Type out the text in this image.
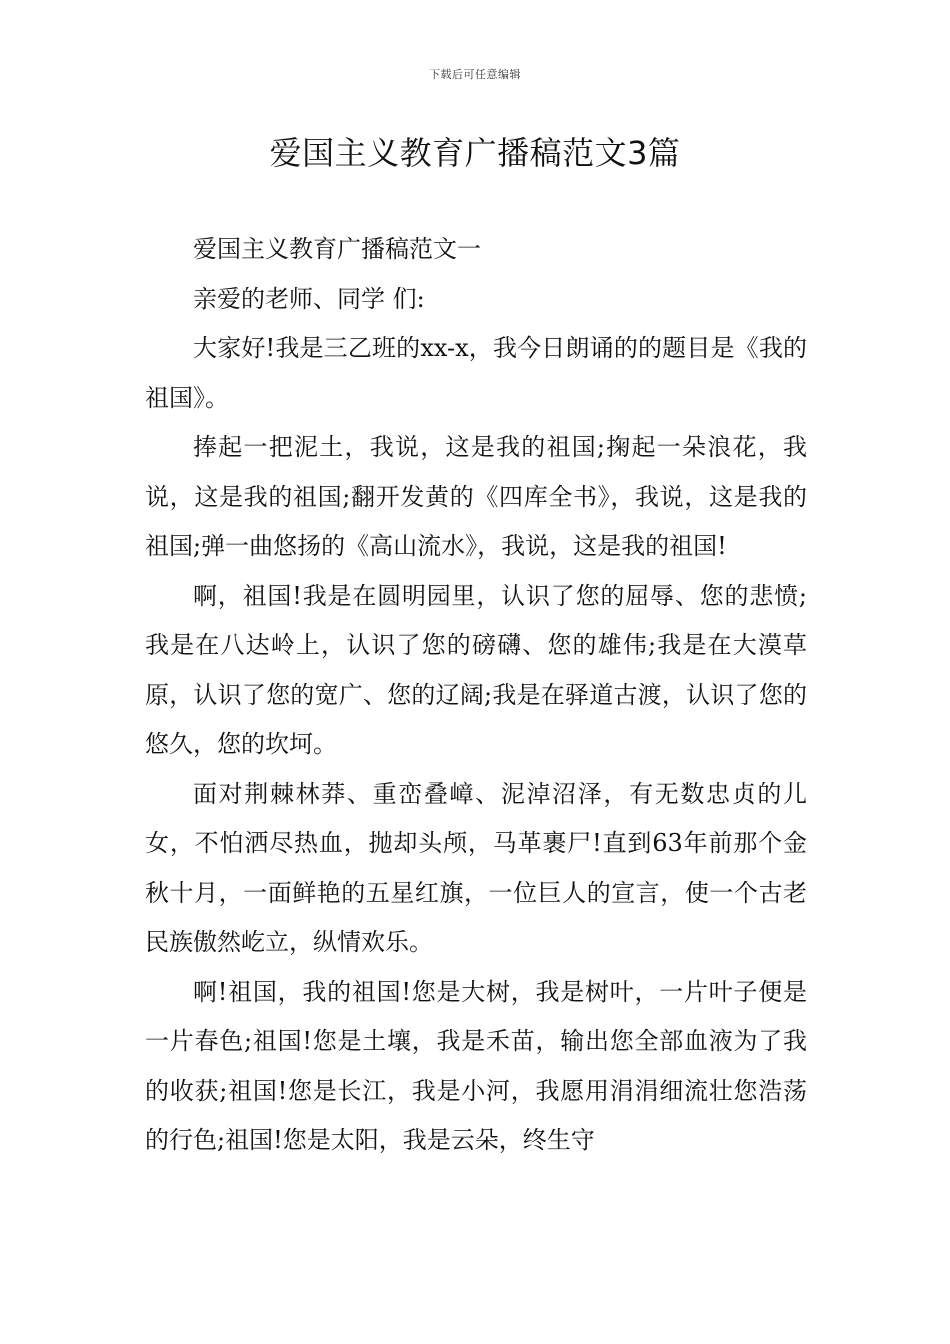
下载后可任意编辑
爱国主义教育广播稿范文3篇

爱国主义教育广播稿范文一

亲爱的老师、同学 们:

大家好!我是三乙班的xx-x，我今日朗诵的的题目是《我的祖国》。

捧起一把泥土，我说，这是我的祖国;掬起一朵浪花，我说，这是我的祖国;翻开发黄的《四库全书》，我说，这是我的祖国;弹一曲悠扬的《高山流水》，我说，这是我的祖国!

啊，祖国!我是在圆明园里，认识了您的屈辱、您的悲愤;我是在八达岭上，认识了您的磅礴、您的雄伟;我是在大漠草原，认识了您的宽广、您的辽阔;我是在驿道古渡，认识了您的悠久，您的坎坷。

面对荆棘林莽、重峦叠嶂、泥淖沼泽，有无数忠贞的儿女，不怕洒尽热血，抛却头颅，马革裹尸!直到63年前那个金秋十月，一面鲜艳的五星红旗，一位巨人的宣言，使一个古老民族傲然屹立，纵情欢乐。

啊!祖国，我的祖国!您是大树，我是树叶，一片叶子便是一片春色;祖国!您是土壤，我是禾苗，输出您全部血液为了我的收获;祖国!您是长江，我是小河，我愿用涓涓细流壮您浩荡的行色;祖国!您是太阳，我是云朵，终生守
